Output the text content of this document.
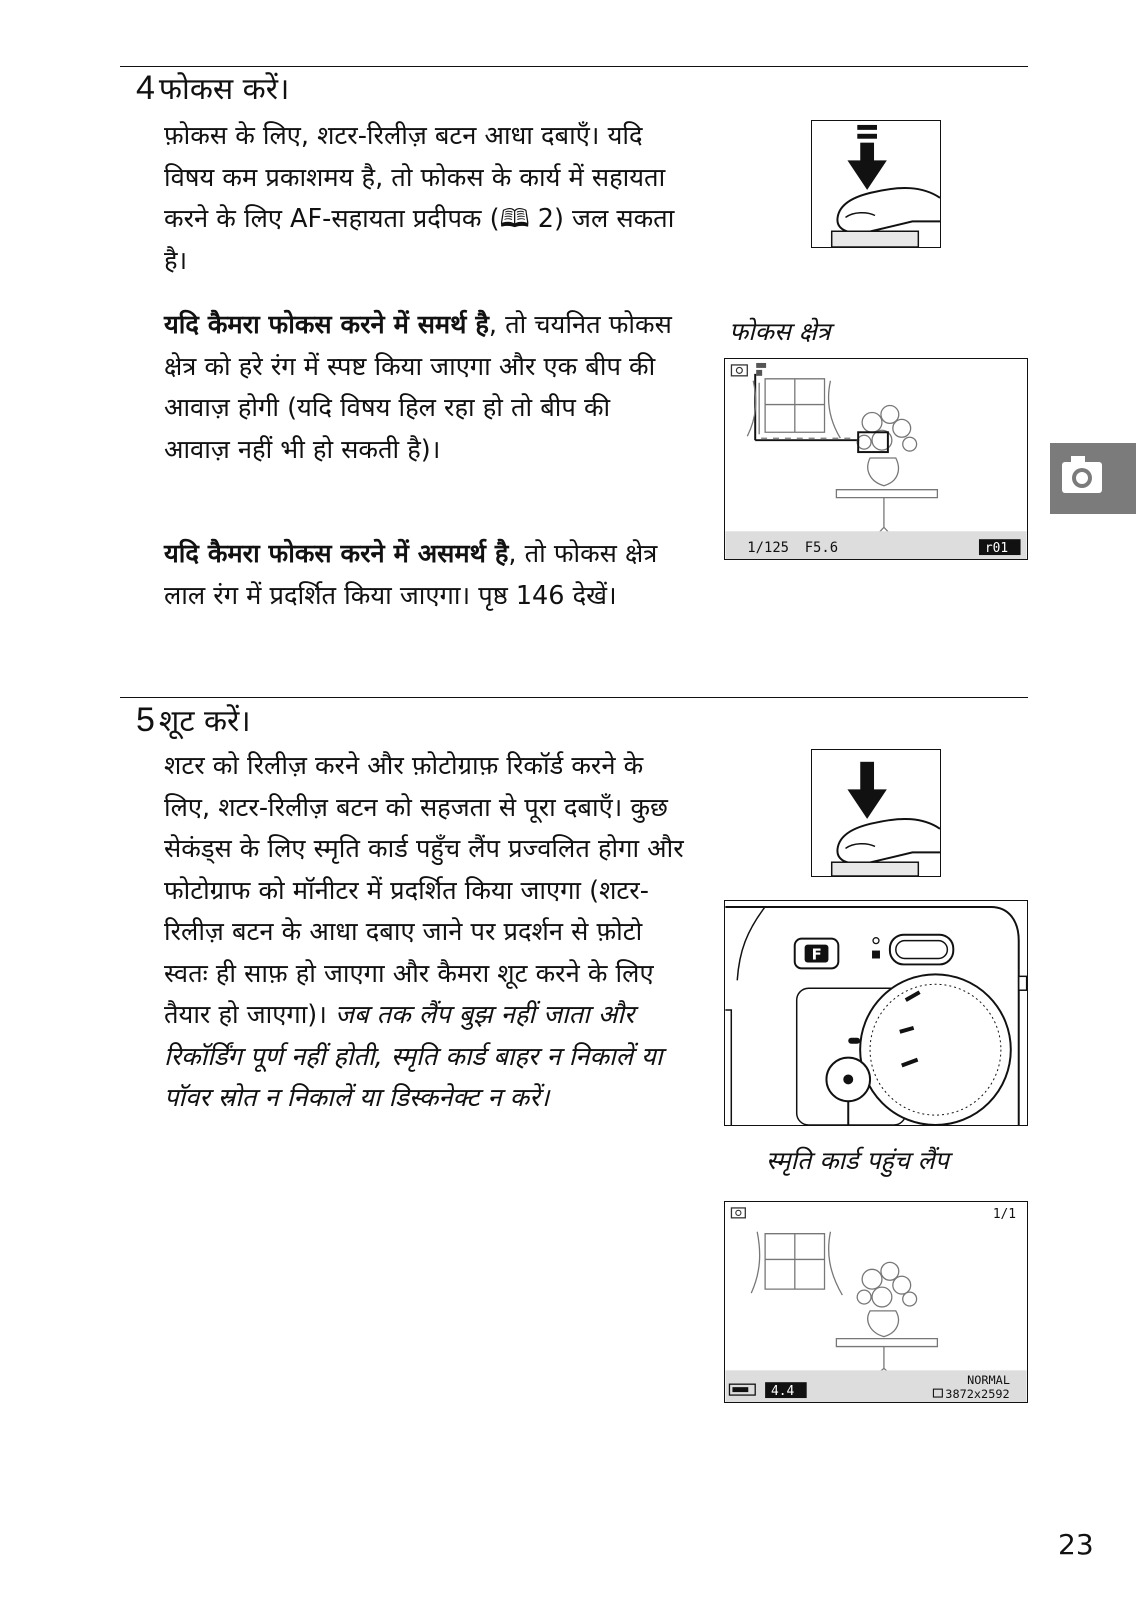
4 फोकस करें।

फ़ोकस के लिए, शटर-रिलीज़ बटन आधा दबाएँ। यदि विषय कम प्रकाशमय है, तो फोकस के कार्य में सहायता करने के लिए AF-सहायता प्रदीपक (🕮 2) जल सकता है।

यदि कैमरा फोकस करने में समर्थ है, तो चयनित फोकस क्षेत्र को हरे रंग में स्पष्ट किया जाएगा और एक बीप की आवाज़ होगी (यदि विषय हिल रहा हो तो बीप की आवाज़ नहीं भी हो सकती है)।

यदि कैमरा फोकस करने में असमर्थ है, तो फोकस क्षेत्र लाल रंग में प्रदर्शित किया जाएगा। पृष्ठ 146 देखें।

फोकस क्षेत्र
1/125 F5.6	r01
5 शूट करें।

शटर को रिलीज़ करने और फ़ोटोग्राफ़ रिकॉर्ड करने के लिए, शटर-रिलीज़ बटन को सहजता से पूरा दबाएँ। कुछ सेकंड्स के लिए स्मृति कार्ड पहुँच लैंप प्रज्वलित होगा और फोटोग्राफ को मॉनीटर में प्रदर्शित किया जाएगा (शटर-रिलीज़ बटन के आधा दबाए जाने पर प्रदर्शन से फ़ोटो स्वतः ही साफ़ हो जाएगा और कैमरा शूट करने के लिए तैयार हो जाएगा)। जब तक लैंप बुझ नहीं जाता और रिकॉर्डिंग पूर्ण नहीं होती, स्मृति कार्ड बाहर न निकालें या पॉवर स्रोत न निकालें या डिस्कनेक्ट न करें।

F
स्मृति कार्ड पहुंच लैंप
1/1
4.4
NORMAL
3872x2592
23
